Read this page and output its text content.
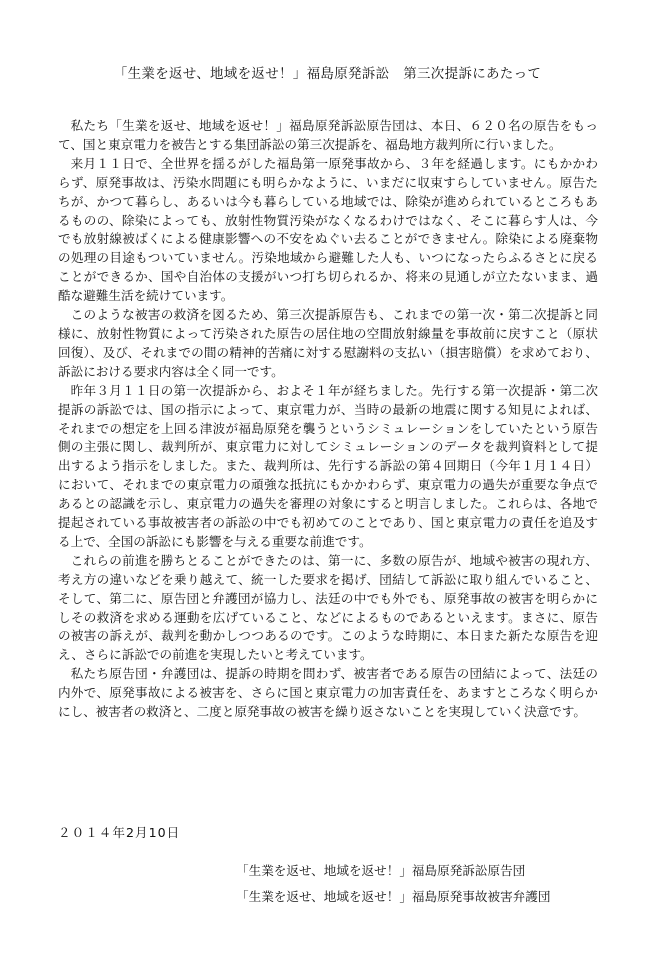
「生業を返せ、地域を返せ！」福島原発訴訟　第三次提訴にあたって

私たち「生業を返せ、地域を返せ！」福島原発訴訟原告団は、本日、６２０名の原告をもって、国と東京電力を被告とする集団訴訟の第三次提訴を、福島地方裁判所に行いました。

来月１１日で、全世界を揺るがした福島第一原発事故から、３年を経過します。にもかかわらず、原発事故は、汚染水問題にも明らかなように、いまだに収束すらしていません。原告たちが、かつて暮らし、あるいは今も暮らしている地域では、除染が進められているところもあるものの、除染によっても、放射性物質汚染がなくなるわけではなく、そこに暮らす人は、今でも放射線被ばくによる健康影響への不安をぬぐい去ることができません。除染による廃棄物の処理の目途もついていません。汚染地域から避難した人も、いつになったらふるさとに戻ることができるか、国や自治体の支援がいつ打ち切られるか、将来の見通しが立たないまま、過酷な避難生活を続けています。

このような被害の救済を図るため、第三次提訴原告も、これまでの第一次・第二次提訴と同様に、放射性物質によって汚染された原告の居住地の空間放射線量を事故前に戻すこと（原状回復）、及び、それまでの間の精神的苦痛に対する慰謝料の支払い（損害賠償）を求めており、訴訟における要求内容は全く同一です。

昨年３月１１日の第一次提訴から、およそ１年が経ちました。先行する第一次提訴・第二次提訴の訴訟では、国の指示によって、東京電力が、当時の最新の地震に関する知見によれば、それまでの想定を上回る津波が福島原発を襲うというシミュレーションをしていたという原告側の主張に関し、裁判所が、東京電力に対してシミュレーションのデータを裁判資料として提出するよう指示をしました。また、裁判所は、先行する訴訟の第４回期日（今年１月１４日）において、それまでの東京電力の頑強な抵抗にもかかわらず、東京電力の過失が重要な争点であるとの認識を示し、東京電力の過失を審理の対象にすると明言しました。これらは、各地で提起されている事故被害者の訴訟の中でも初めてのことであり、国と東京電力の責任を追及する上で、全国の訴訟にも影響を与える重要な前進です。

これらの前進を勝ちとることができたのは、第一に、多数の原告が、地域や被害の現れ方、考え方の違いなどを乗り越えて、統一した要求を掲げ、団結して訴訟に取り組んでいること、そして、第二に、原告団と弁護団が協力し、法廷の中でも外でも、原発事故の被害を明らかにしその救済を求める運動を広げていること、などによるものであるといえます。まさに、原告の被害の訴えが、裁判を動かしつつあるのです。このような時期に、本日また新たな原告を迎え、さらに訴訟での前進を実現したいと考えています。

私たち原告団・弁護団は、提訴の時期を問わず、被害者である原告の団結によって、法廷の内外で、原発事故による被害を、さらに国と東京電力の加害責任を、あますところなく明らかにし、被害者の救済と、二度と原発事故の被害を繰り返さないことを実現していく決意です。

２０１４年2月10日
「生業を返せ、地域を返せ！」福島原発訴訟原告団
「生業を返せ、地域を返せ！」福島原発事故被害弁護団
